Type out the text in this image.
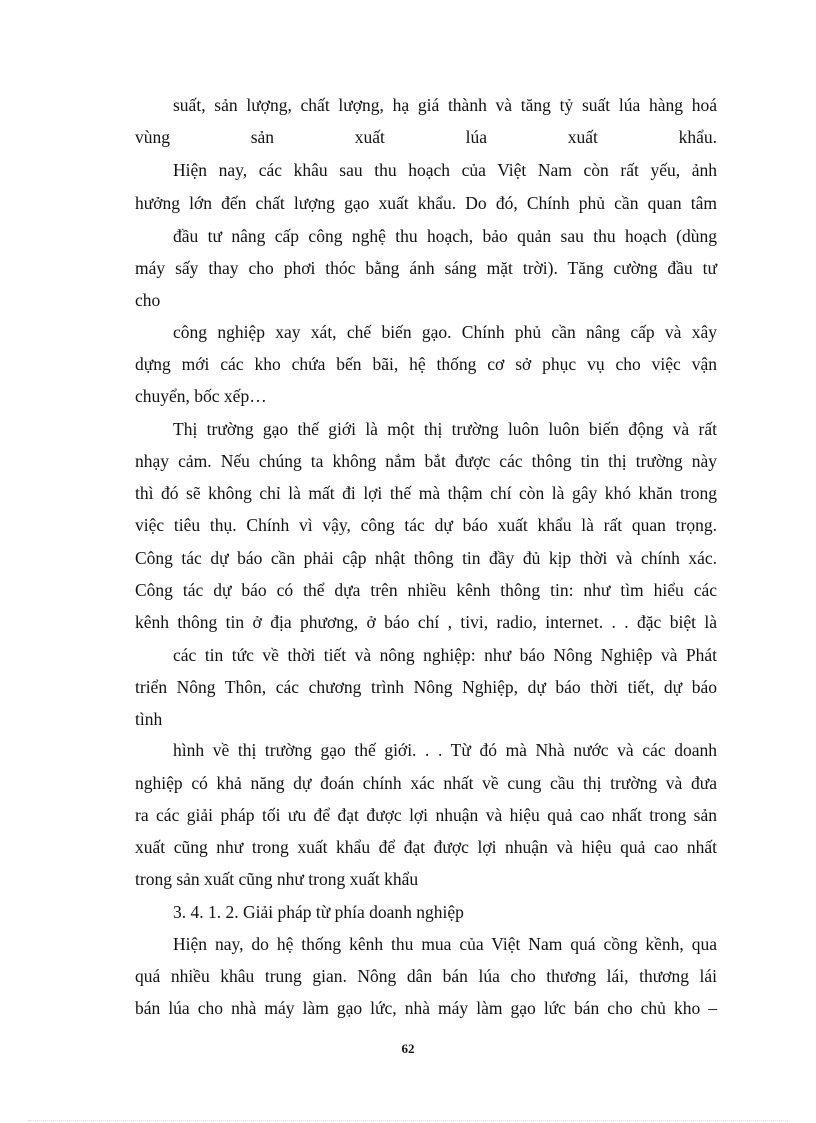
suất, sản lượng, chất lượng, hạ giá thành và tăng tỷ suất lúa hàng hoá

vùng sản xuất lúa xuất khẩu.

Hiện nay, các khâu sau thu hoạch của Việt Nam còn rất yếu, ảnh

hưởng lớn đến chất lượng gạo xuất khẩu. Do đó, Chính phủ cần quan tâm

đầu tư nâng cấp công nghệ thu hoạch, bảo quản sau thu hoạch (dùng

máy sấy thay cho phơi thóc bằng ánh sáng mặt trời). Tăng cường đầu tư

cho

công nghiệp xay xát, chế biến gạo. Chính phủ cần nâng cấp và xây

dựng mới các kho chứa bến bãi, hệ thống cơ sở phục vụ cho việc vận

chuyển, bốc xếp…

Thị trường gạo thế giới là một thị trường luôn luôn biến động và rất

nhạy cảm. Nếu chúng ta không nắm bắt được các thông tin thị trường này

thì đó sẽ không chỉ là mất đi lợi thế mà thậm chí còn là gây khó khăn trong

việc tiêu thụ. Chính vì vậy, công tác dự báo xuất khẩu là rất quan trọng.

Công tác dự báo cần phải cập nhật thông tin đầy đủ kịp thời và chính xác.

Công tác dự báo có thể dựa trên nhiều kênh thông tin: như tìm hiểu các

kênh thông tin ở địa phương, ở báo chí , tivi, radio, internet. . . đặc biệt là

các tin tức về thời tiết và nông nghiệp: như báo Nông Nghiệp và Phát

triển Nông Thôn, các chương trình Nông Nghiệp, dự báo thời tiết, dự báo

tình

hình về thị trường gạo thế giới. . . Từ đó mà Nhà nước và các doanh

nghiệp có khả năng dự đoán chính xác nhất về cung cầu thị trường và đưa

ra các giải pháp tối ưu để đạt được lợi nhuận và hiệu quả cao nhất trong sản

xuất cũng như trong xuất khẩu để đạt được lợi nhuận và hiệu quả cao nhất

trong sản xuất cũng như trong xuất khẩu

3. 4. 1. 2. Giải pháp từ phía doanh nghiệp

Hiện nay, do hệ thống kênh thu mua của Việt Nam quá cồng kềnh, qua

quá nhiều khâu trung gian. Nông dân bán lúa cho thương lái, thương lái

bán lúa cho nhà máy làm gạo lức, nhà máy làm gạo lức bán cho chủ kho –

62
